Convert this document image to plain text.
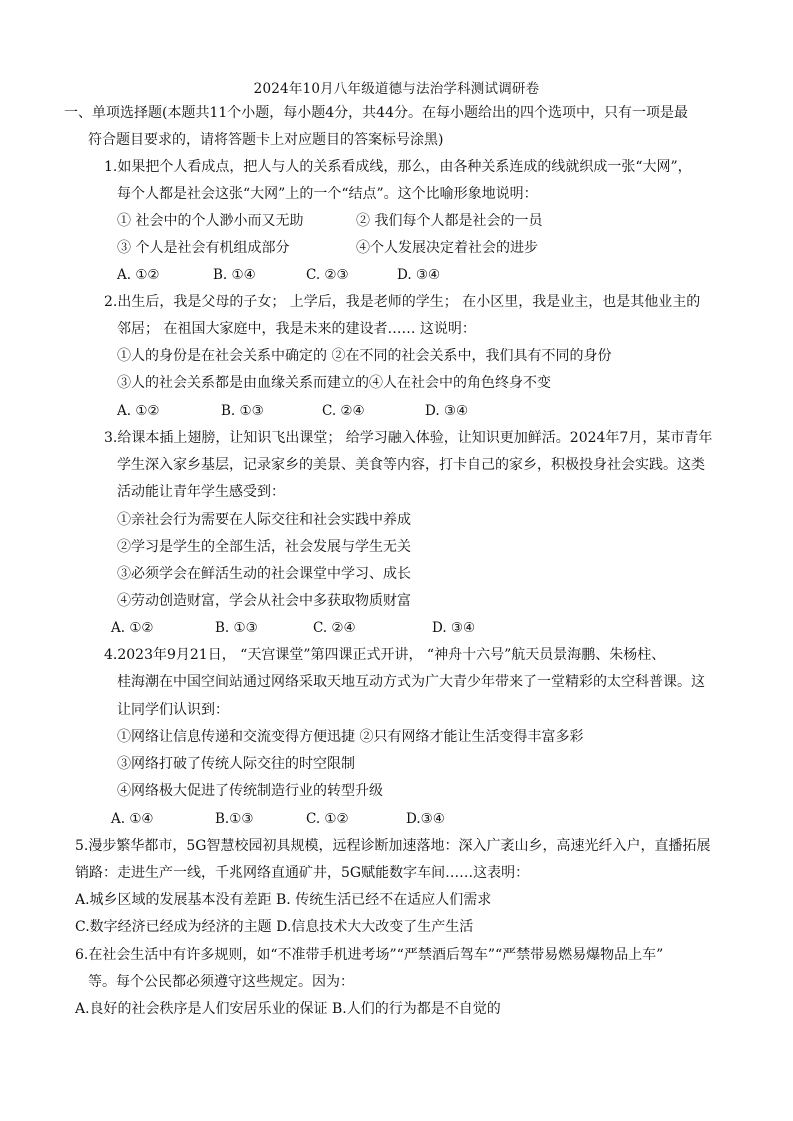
2024年10月八年级道德与法治学科测试调研卷
一、单项选择题(本题共11个小题，每小题4分，共44分。在每小题给出的四个选项中，只有一项是最
符合题目要求的，请将答题卡上对应题目的答案标号涂黑)
1.如果把个人看成点，把人与人的关系看成线，那么，由各种关系连成的线就织成一张“大网”，
每个人都是社会这张“大网”上的一个“结点”。这个比喻形象地说明：
① 社会中的个人渺小而又无助	② 我们每个人都是社会的一员
③ 个人是社会有机组成部分	④个人发展决定着社会的进步
A. ①②	B. ①④	C. ②③	D. ③④
2.出生后，我是父母的子女； 上学后，我是老师的学生； 在小区里，我是业主，也是其他业主的
邻居； 在祖国大家庭中，我是未来的建设者…… 这说明：
①人的身份是在社会关系中确定的 ②在不同的社会关系中，我们具有不同的身份
③人的社会关系都是由血缘关系而建立的④人在社会中的角色终身不变
A. ①②	B. ①③	C. ②④	D. ③④
3.给课本插上翅膀，让知识飞出课堂； 给学习融入体验，让知识更加鲜活。2024年7月，某市青年
学生深入家乡基层，记录家乡的美景、美食等内容，打卡自己的家乡，积极投身社会实践。这类
活动能让青年学生感受到：
①亲社会行为需要在人际交往和社会实践中养成
②学习是学生的全部生活，社会发展与学生无关
③必须学会在鲜活生动的社会课堂中学习、成长
④劳动创造财富，学会从社会中多获取物质财富
A. ①②	B. ①③	C. ②④	D. ③④
4.2023年9月21日， “天宫课堂”第四课正式开讲， “神舟十六号”航天员景海鹏、朱杨柱、
桂海潮在中国空间站通过网络采取天地互动方式为广大青少年带来了一堂精彩的太空科普课。这
让同学们认识到：
①网络让信息传递和交流变得方便迅捷 ②只有网络才能让生活变得丰富多彩
③网络打破了传统人际交往的时空限制
④网络极大促进了传统制造行业的转型升级
A. ①④	B.①③	C. ①②	D.③④
5.漫步繁华都市，5G智慧校园初具规模，远程诊断加速落地：深入广袤山乡，高速光纤入户，直播拓展
销路：走进生产一线，千兆网络直通矿井，5G赋能数字车间……这表明：
A.城乡区域的发展基本没有差距 B. 传统生活已经不在适应人们需求
C.数字经济已经成为经济的主题 D.信息技术大大改变了生产生活
6.在社会生活中有许多规则，如“不准带手机进考场”“严禁酒后驾车”“严禁带易燃易爆物品上车”
等。每个公民都必须遵守这些规定。因为：
A.良好的社会秩序是人们安居乐业的保证 B.人们的行为都是不自觉的
